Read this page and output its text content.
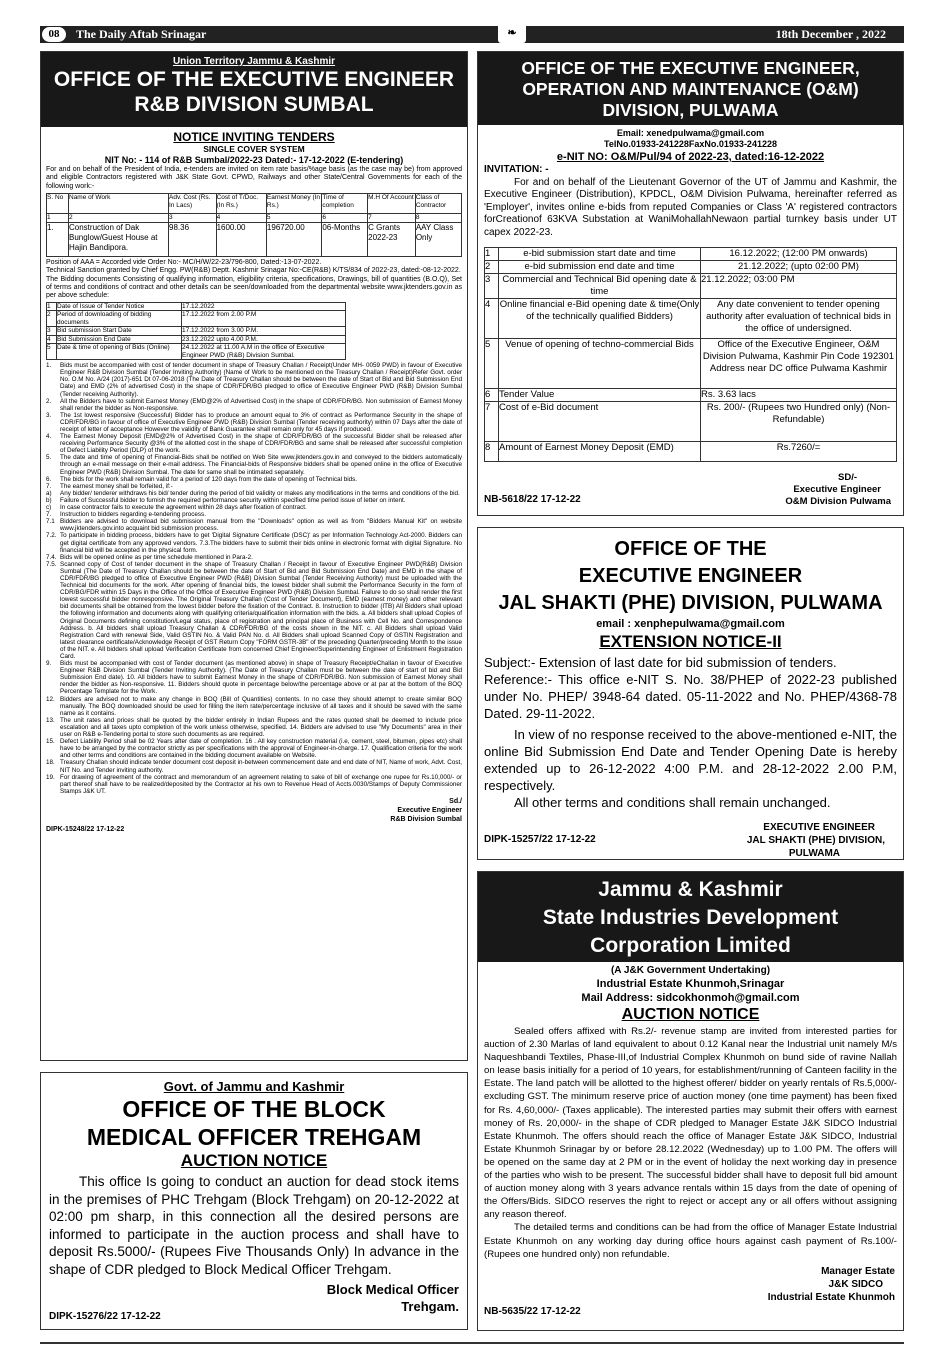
08	The Daily Aftab Srinagar	❧	18th December , 2022
Union Territory Jammu & Kashmir
OFFICE OF THE EXECUTIVE ENGINEER
R&B DIVISION SUMBAL
NOTICE INVITING TENDERS
SINGLE COVER SYSTEM
NIT No: - 114 of R&B Sumbal/2022-23 Dated:- 17-12-2022 (E-tendering)
For and on behalf of the President of India, e-tenders are invited on item rate basis/%age basis (as the case may be) from approved and eligible Contractors registered with J&K State Govt. CPWD, Railways and other State/Central Governments for each of the following work:-
S. No	Name of Work	Adv. Cost (Rs. In Lacs)	Cost of T/Doc. (In Rs.)	Earnest Money (In Rs.)	Time of completion	M.H Of Account	Class of Contractor
1	2	3	4	5	6	7	8
1.	Construction of Dak Bunglow/Guest House at Hajin Bandipora.	98.36	1600.00	196720.00	06-Months	C Grants 2022-23	AAY Class Only
Position of AAA = Accorded vide Order No:- MC/H/W/22-23/796-800, Dated:-13-07-2022.
Technical Sanction granted by Chief Engg. PW(R&B) Deptt. Kashmir Srinagar No:-CE(R&B) K/TS/834 of 2022-23, dated:-08-12-2022.
The Bidding documents Consisting of qualifying information, eligibility criteria, specifications, Drawings, bill of quantities (B.O.Q), Set of terms and conditions of contract and other details can be seen/downloaded from the departmental website www.jktenders.gov.in as per above schedule:
1	Date of Issue of Tender Notice	17.12.2022
2	Period of downloading of bidding documents	17.12.2022 from 2.00 P.M
3	Bid submission Start Date	17.12.2022 from 3.00 P.M.
4	Bid Submission End Date	23.12.2022 upto 4.00 P.M.
5	Date & time of opening of Bids (Online)	24.12.2022 at 11.00 A.M in the office of Executive Engineer PWD (R&B) Division Sumbal.
1.	Bids must be accompanied with cost of tender document in shape of Treasury Challan / Receipt(Under MH- 0059 PWD) in favour of Executive Engineer R&B Division Sumbal (Tender Inviting Authority) (Name of Work to be mentioned on the Treasury Challan / Receipt)Refer Govt. order No. O.M No. A/24 (2017)-651 Dt 07-06-2018 (The Date of Treasury Challan should be between the date of Start of Bid and Bid Submission End Date) and EMD (2% of advertised Cost) in the shape of CDR/FDR/BG pledged to office of Executive Engineer PWD (R&B) Division Sumbal (Tender receiving Authority).
2.	All the Bidders have to submit Earnest Money (EMD@2% of Advertised Cost) in the shape of CDR/FDR/BG. Non submission of Earnest Money shall render the bidder as Non-responsive.
3.	The 1st lowest responsive (Successful) Bidder has to produce an amount equal to 3% of contract as Performance Security in the shape of CDR/FDR/BG in favour of office of Executive Engineer PWD (R&B) Division Sumbal (Tender receiving authority) within 07 Days after the date of receipt of letter of acceptance However the validity of Bank Guarantee shall remain only for 45 days if produced.
4.	The Earnest Money Deposit (EMD@2% of Advertised Cost) in the shape of CDR/FDR/BG of the successful Bidder shall be released after receiving Performance Security @3% of the allotted cost in the shape of CDR/FDR/BG and same shall be released after successful completion of Defect Liability Period (DLP) of the work.
5.	The date and time of opening of Financial-Bids shall be notified on Web Site www.jktenders.gov.in and conveyed to the bidders automatically through an e-mail message on their e-mail address. The Financial-bids of Responsive bidders shall be opened online in the office of Executive Engineer PWD (R&B) Division Sumbal. The date for same shall be intimated separately.
6.	The bids for the work shall remain valid for a period of 120 days from the date of opening of Technical bids.
7.	The earnest money shall be forfeited, if:-
a)	Any bidder/ tenderer withdraws his bid/ tender during the period of bid validity or makes any modifications in the terms and conditions of the bid.
b)	Failure of Successful bidder to furnish the required performance security within specified time period issue of letter on intent.
c)	In case contractor fails to execute the agreement within 28 days after fixation of contract.
7.	Instruction to bidders regarding e-tendering process.
7.1 Bidders are advised to download bid submission manual from the "Downloads" option as well as from "Bidders Manual Kit" on website www.jktenders.gov.into acquaint bid submission process.
7.2. To participate in bidding process, bidders have to get 'Digital Signature Certificate (DSC)' as per Information Technology Act-2000. Bidders can get digital certificate from any approved vendors. 7.3.The bidders have to submit their bids online in electronic format with digital Signature. No financial bid will be accepted in the physical form.
7.4. Bids will be opened online as per time schedule mentioned in Para-2.
7.5. Scanned copy of Cost of tender document in the shape of Treasury Challan / Receipt in favour of Executive Engineer PWD(R&B) Division Sumbal (The Date of Treasury Challan should be between the date of Start of Bid and Bid Submission End Date) and EMD in the shape of CDR/FDR/BG pledged to office of Executive Engineer PWD (R&B) Division Sumbal (Tender Receiving Authority) must be uploaded with the Technical bid documents for the work. After opening of financial bids, the lowest bidder shall submit the Performance Security in the form of CDR/BG/FDR within 15 Days in the Office of the Office of Executive Engineer PWD (R&B) Division Sumbal. Failure to do so shall render the first lowest successful bidder nonresponsive. The Original Treasury Challan (Cost of Tender Document), EMD (earnest money) and other relevant bid documents shall be obtained from the lowest bidder before the fixation of the Contract. 8. Instruction to bidder (ITB) All Bidders shall upload the following information and documents along with qualifying criteria/qualification information with the bids. a. All bidders shall upload Copies of Original Documents defining constitution/Legal status, place of registration and principal place of Business with Cell No. and Correspondence Address. b. All bidders shall upload Treasury Challan & CDR/FDR/BG of the costs shown in the NIT. c. All Bidders shall upload Valid Registration Card with renewal Side, Valid GSTIN No. & Valid PAN No. d. All Bidders shall upload Scanned Copy of GSTIN Registration and latest clearance certificate/Acknowledge Receipt of GST Return Copy "FORM GSTR-3B" of the preceding Quarter/preceding Month to the issue of the NIT. e. All bidders shall upload Verification Certificate from concerned Chief Engineer/Superintending Engineer of Enlistment Registration Card.
9.	Bids must be accompanied with cost of Tender document (as mentioned above) in shape of Treasury Receipt/eChallan in favour of Executive Engineer R&B Division Sumbal (Tender Inviting Authority). (The Date of Treasury Challan must be between the date of start of bid and Bid Submission End date). 10. All bidders have to submit Earnest Money in the shape of CDR/FDR/BG. Non submission of Earnest Money shall render the bidder as Non-responsive. 11. Bidders should quote in percentage below/the percentage above or at par at the bottom of the BOQ Percentage Template for the Work.
12. Bidders are advised not to make any change in BOQ (Bill of Quantities) contents. In no case they should attempt to create similar BOQ manually. The BOQ downloaded should be used for filling the item rate/percentage inclusive of all taxes and it should be saved with the same name as it contains.
13. The unit rates and prices shall be quoted by the bidder entirely in Indian Rupees and the rates quoted shall be deemed to include price escalation and all taxes upto completion of the work unless otherwise, specified. 14. Bidders are advised to use "My Documents" area in their user on R&B e-Tendering portal to store such documents as are required.
15. Defect Liability Period shall be 02 Years after date of completion. 16 . All key construction material (i.e, cement, steel, bitumen, pipes etc) shall have to be arranged by the contractor strictly as per specifications with the approval of Engineer-in-charge. 17. Qualification criteria for the work and other terms and conditions are contained in the bidding document available on Website.
18. Treasury Challan should indicate tender document cost deposit in-between commencement date and end date of NIT, Name of work, Advt. Cost, NIT No. and Tender inviting authority.
19. For drawing of agreement of the contract and memorandum of an agreement relating to sake of bill of exchange one rupee for Rs.10,000/- or part thereof shall have to be realized/deposited by the Contractor at his own to Revenue Head of Accts.0030/Stamps of Deputy Commissioner Stamps J&K UT.
Sd./
Executive Engineer
R&B Division Sumbal
DIPK-15248/22 17-12-22
Govt. of Jammu and Kashmir
OFFICE OF THE BLOCK
MEDICAL OFFICER TREHGAM
AUCTION NOTICE
This office Is going to conduct an auction for dead stock items in the premises of PHC Trehgam (Block Trehgam) on 20-12-2022 at 02:00 pm sharp, in this connection all the desired persons are informed to participate in the auction process and shall have to deposit Rs.5000/- (Rupees Five Thousands Only) In advance in the shape of CDR pledged to Block Medical Officer Trehgam.
Block Medical Officer
Trehgam.
DIPK-15276/22 17-12-22
OFFICE OF THE EXECUTIVE ENGINEER,
OPERATION AND MAINTENANCE (O&M)
DIVISION, PULWAMA
Email: xenedpulwama@gmail.com
TelNo.01933-241228FaxNo.01933-241228
e-NIT NO: O&M/Pul/94 of 2022-23, dated:16-12-2022
INVITATION: -
For and on behalf of the Lieutenant Governor of the UT of Jammu and Kashmir, the Executive Engineer (Distribution), KPDCL, O&M Division Pulwama, hereinafter referred as 'Employer', invites online e-bids from reputed Companies or Class 'A' registered contractors forCreationof 63KVA Substation at WaniMohallahNewaon partial turnkey basis under UT capex 2022-23.
1	e-bid submission start date and time	16.12.2022; (12:00 PM onwards)
2	e-bid submission end date and time	21.12.2022; (upto 02:00 PM)
3	Commercial and Technical Bid opening date & time	21.12.2022; 03:00 PM
4	Online financial e-Bid opening date & time(Only of the technically qualified Bidders)	Any date convenient to tender opening authority after evaluation of technical bids in the office of undersigned.
5	Venue of opening of techno-commercial Bids	Office of the Executive Engineer, O&M Division Pulwama, Kashmir Pin Code 192301 Address near DC office Pulwama Kashmir
6	Tender Value	Rs. 3.63 lacs
7	Cost of e-Bid document	Rs. 200/- (Rupees two Hundred only) (Non-Refundable)
8	Amount of Earnest Money Deposit (EMD)	Rs.7260/=
SD/-
Executive Engineer
O&M Division Pulwama
NB-5618/22 17-12-22
OFFICE OF THE
EXECUTIVE ENGINEER
JAL SHAKTI (PHE) DIVISION, PULWAMA
email : xenphepulwama@gmail.com
EXTENSION NOTICE-II
Subject:- Extension of last date for bid submission of tenders.
Reference:- This office e-NIT S. No. 38/PHEP of 2022-23 published under No. PHEP/ 3948-64 dated. 05-11-2022 and No. PHEP/4368-78 Dated. 29-11-2022.
In view of no response received to the above-mentioned e-NIT, the online Bid Submission End Date and Tender Opening Date is hereby extended up to 26-12-2022 4:00 P.M. and 28-12-2022 2.00 P.M, respectively.
All other terms and conditions shall remain unchanged.
EXECUTIVE ENGINEER
JAL SHAKTI (PHE) DIVISION,
PULWAMA
DIPK-15257/22 17-12-22
Jammu & Kashmir
State Industries Development
Corporation Limited
(A J&K Government Undertaking)
Industrial Estate Khunmoh,Srinagar
Mail Address: sidcokhonmoh@gmail.com
AUCTION NOTICE
Sealed offers affixed with Rs.2/- revenue stamp are invited from interested parties for auction of 2.30 Marlas of land equivalent to about 0.12 Kanal near the Industrial unit namely M/s Naqueshbandi Textiles, Phase-III,of Industrial Complex Khunmoh on bund side of ravine Nallah on lease basis initially for a period of 10 years, for establishment/running of Canteen facility in the Estate. The land patch will be allotted to the highest offerer/ bidder on yearly rentals of Rs.5,000/- excluding GST. The minimum reserve price of auction money (one time payment) has been fixed for Rs. 4,60,000/- (Taxes applicable). The interested parties may submit their offers with earnest money of Rs. 20,000/- in the shape of CDR pledged to Manager Estate J&K SIDCO Industrial Estate Khunmoh. The offers should reach the office of Manager Estate J&K SIDCO, Industrial Estate Khunmoh Srinagar by or before 28.12.2022 (Wednesday) up to 1.00 PM. The offers will be opened on the same day at 2 PM or in the event of holiday the next working day in presence of the parties who wish to be present. The successful bidder shall have to deposit full bid amount of auction money along with 3 years advance rentals within 15 days from the date of opening of the Offers/Bids. SIDCO reserves the right to reject or accept any or all offers without assigning any reason thereof.
The detailed terms and conditions can be had from the office of Manager Estate Industrial Estate Khunmoh on any working day during office hours against cash payment of Rs.100/-(Rupees one hundred only) non refundable.
Manager Estate
J&K SIDCO
Industrial Estate Khunmoh
NB-5635/22 17-12-22
